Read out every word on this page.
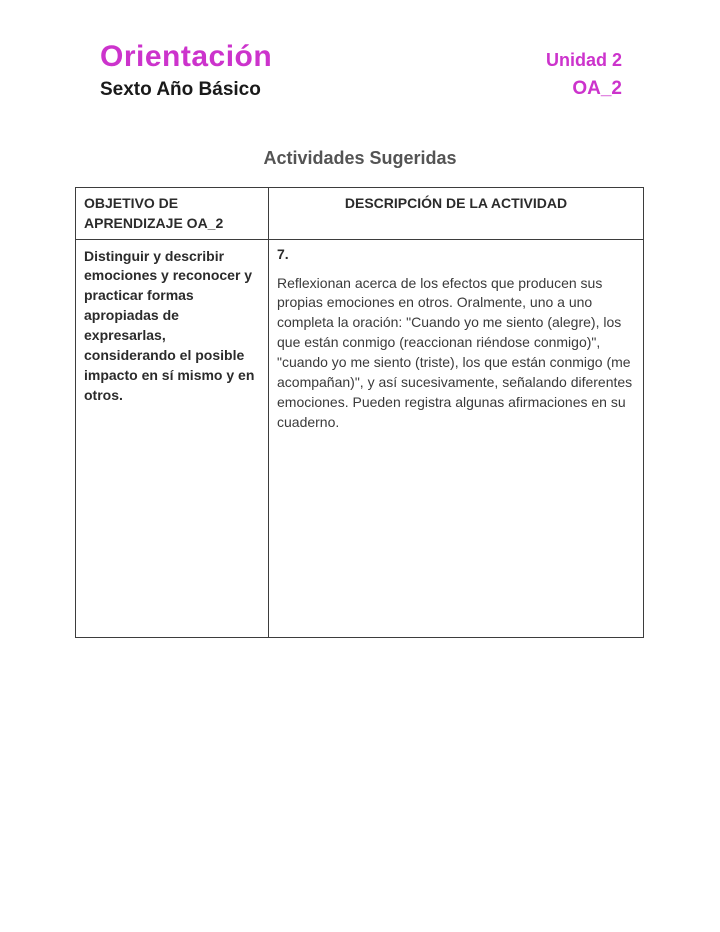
Orientación
Sexto Año Básico
Unidad 2
OA_2
Actividades Sugeridas
OBJETIVO DE APRENDIZAJE OA_2	DESCRIPCIÓN DE LA ACTIVIDAD

Distinguir y describir emociones y reconocer y practicar formas apropiadas de expresarlas, considerando el posible impacto en sí mismo y en otros.	7.
Reflexionan acerca de los efectos que producen sus propias emociones en otros. Oralmente, uno a uno completa la oración: "Cuando yo me siento (alegre), los que están conmigo (reaccionan riéndose conmigo)", "cuando yo me siento (triste), los que están conmigo (me acompañan)", y así sucesivamente, señalando diferentes emociones. Pueden registra algunas afirmaciones en su cuaderno.
